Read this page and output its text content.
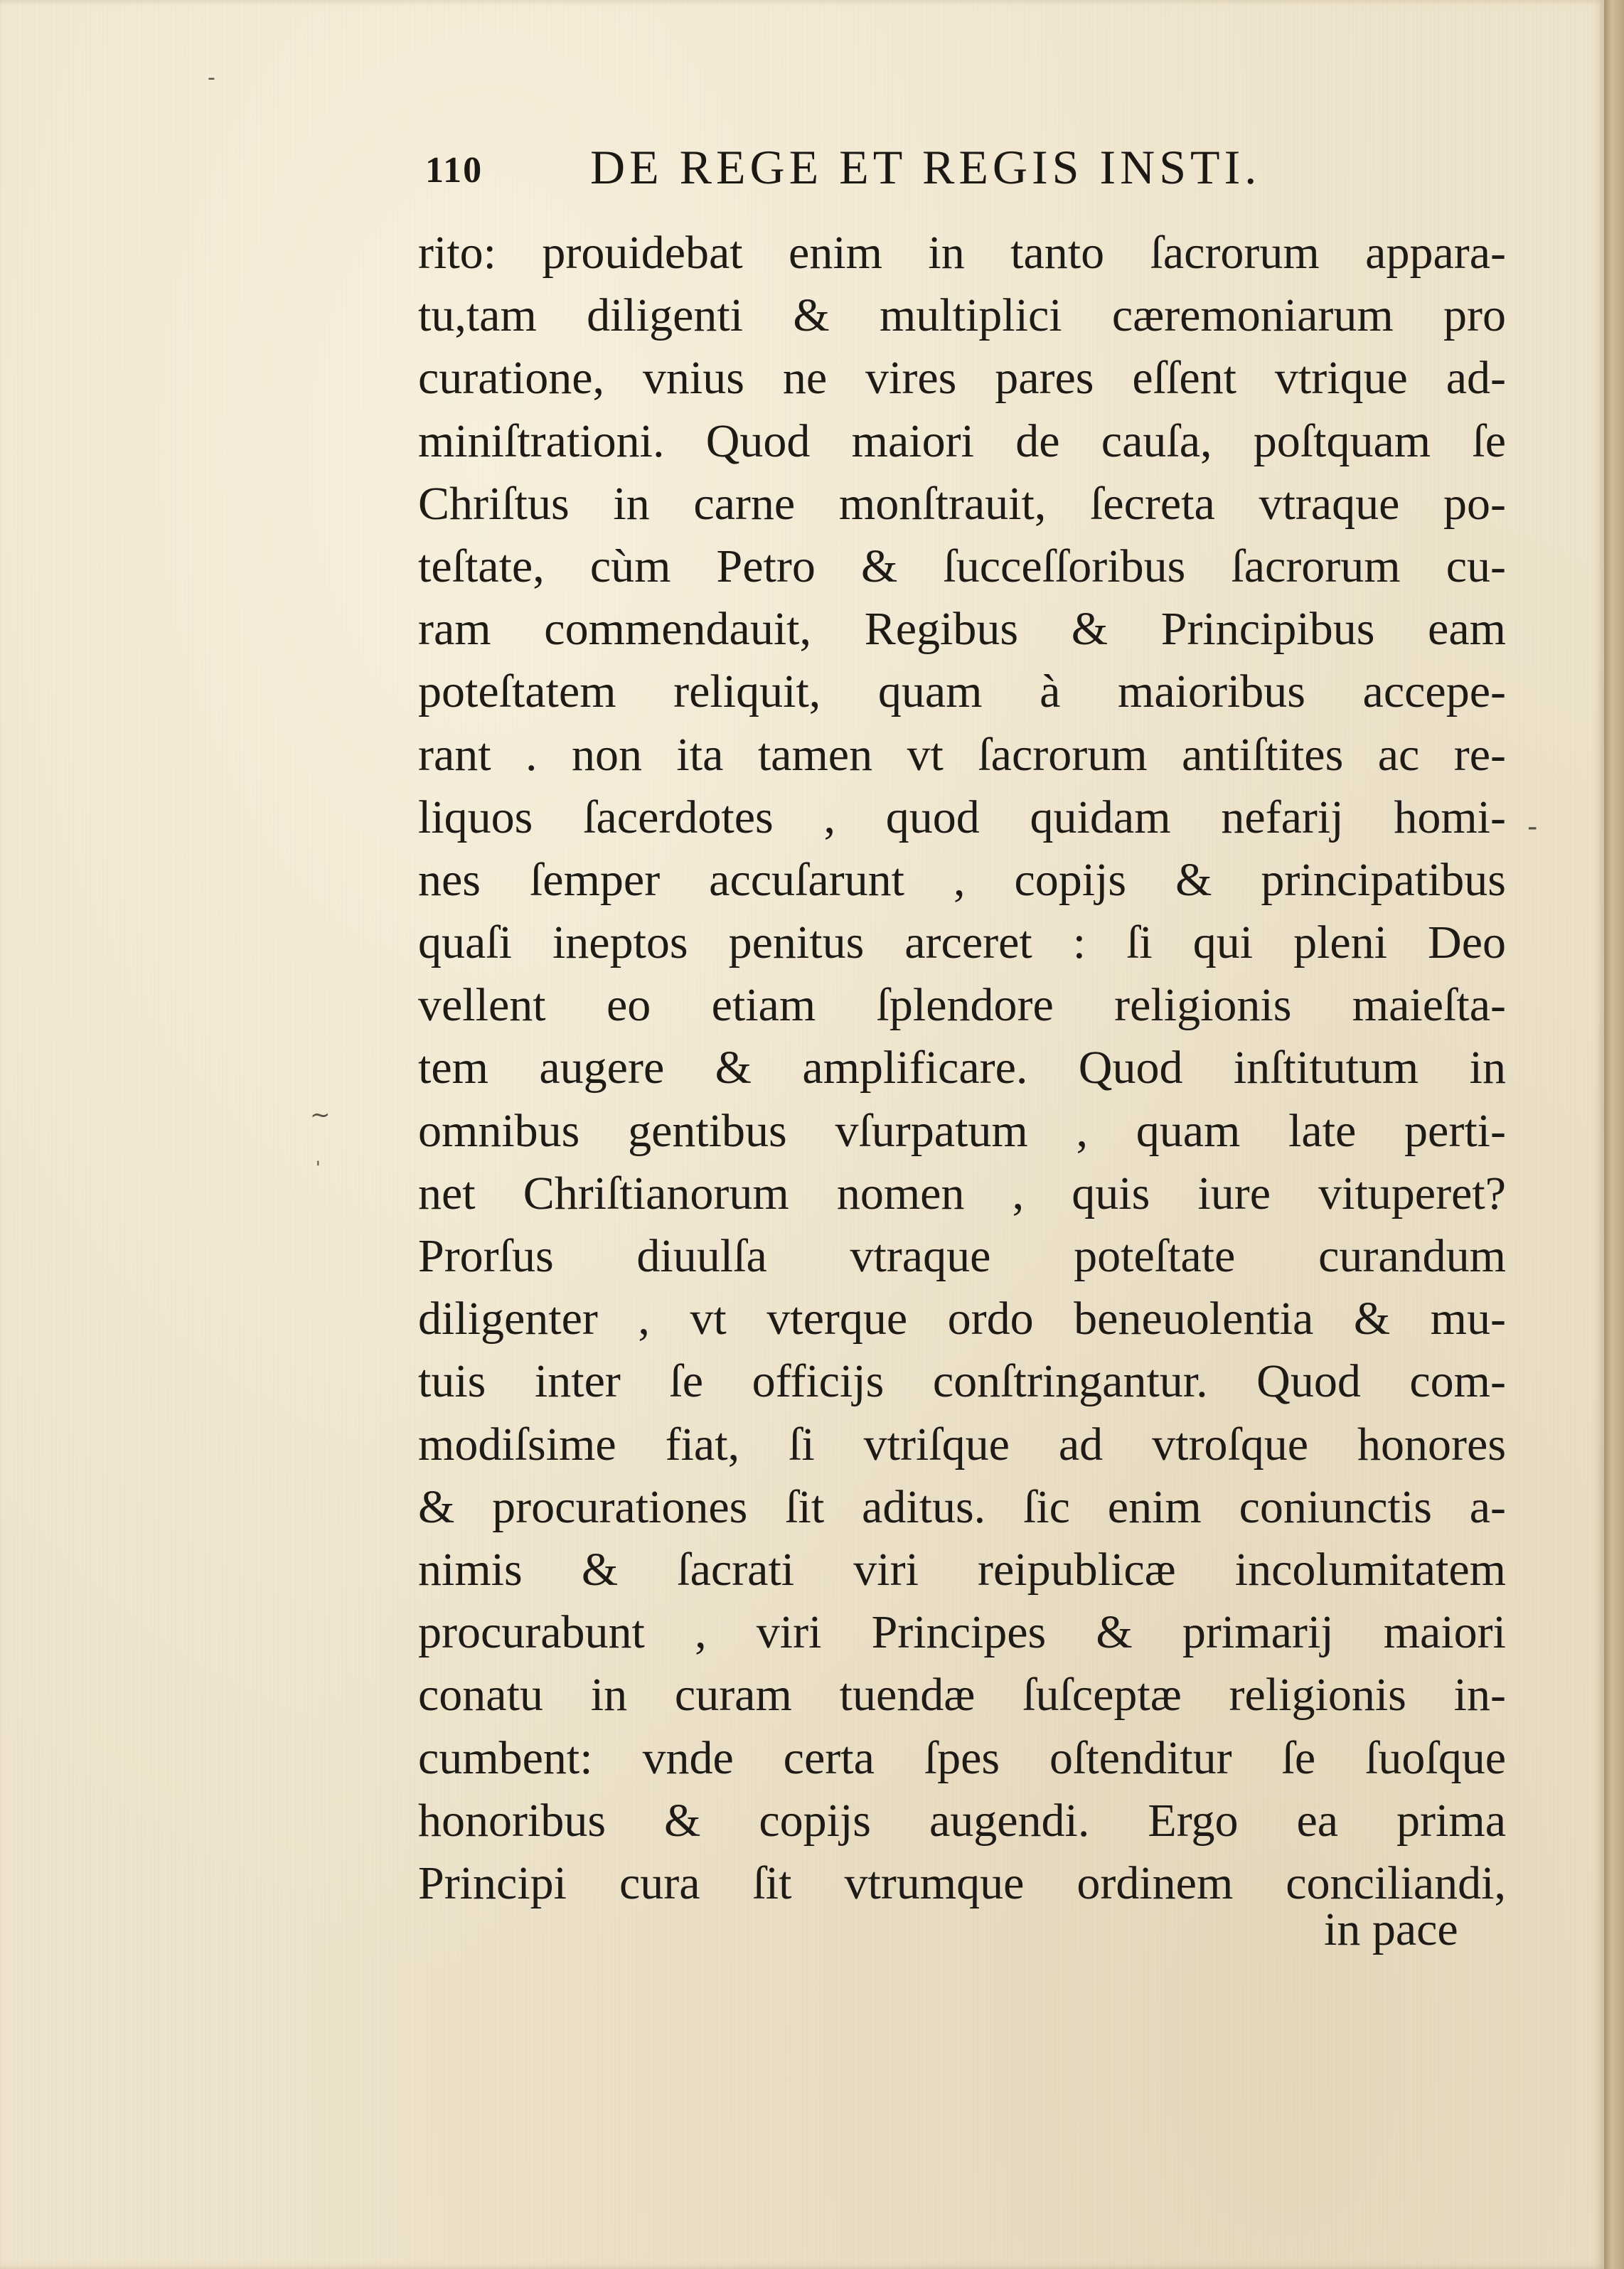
110 DE REGE ET REGIS INSTI.
rito: prouidebat enim in tanto ſacrorum appara-
tu,tam diligenti & multiplici cæremoniarum pro
curatione, vnius ne vires pares eſſent vtrique ad-
miniſtrationi. Quod maiori de cauſa, poſtquam ſe
Chriſtus in carne monſtrauit, ſecreta vtraque po-
teſtate, cùm Petro & ſucceſſoribus ſacrorum cu-
ram commendauit, Regibus & Principibus eam
poteſtatem reliquit, quam à maioribus accepe-
rant . non ita tamen vt ſacrorum antiſtites ac re-
liquos ſacerdotes , quod quidam nefarij homi-
nes ſemper accuſarunt , copijs & principatibus
quaſi ineptos penitus arceret : ſi qui pleni Deo
vellent eo etiam ſplendore religionis maieſta-
tem augere & amplificare. Quod inſtitutum in
omnibus gentibus vſurpatum , quam late perti-
net Chriſtianorum nomen , quis iure vituperet?
Prorſus diuulſa vtraque poteſtate curandum
diligenter , vt vterque ordo beneuolentia & mu-
tuis inter ſe officijs conſtringantur. Quod com-
modiſsime fiat, ſi vtriſque ad vtroſque honores
& procurationes ſit aditus. ſic enim coniunctis a-
nimis & ſacrati viri reipublicæ incolumitatem
procurabunt , viri Principes & primarij maiori
conatu in curam tuendæ ſuſceptæ religionis in-
cumbent: vnde certa ſpes oſtenditur ſe ſuoſque
honoribus & copijs augendi. Ergo ea prima
Principi cura ſit vtrumque ordinem conciliandi,
in pace
-
~
'
-
